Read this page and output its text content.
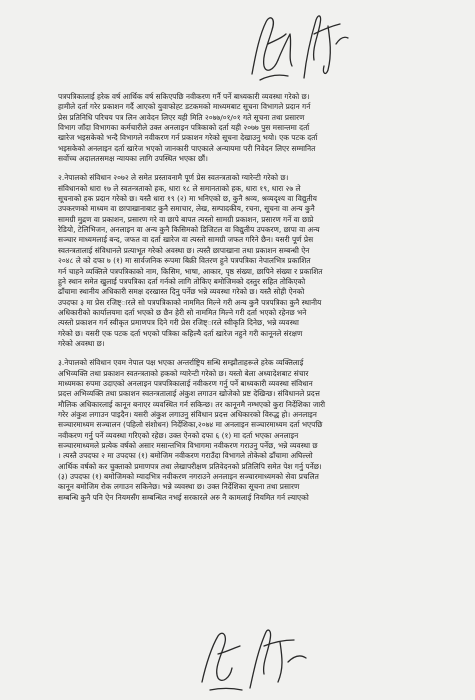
पत्रपत्रिकालाई हरेक वर्ष आर्थिक वर्ष सकिएपछि नवीकरण गर्नै पर्ने बाध्यकारी व्यवस्था गरेको छ।

हामीले दर्ता गरेर प्रकाशन गर्दै आएको युवाफोह्ट डटकमको माध्यमबाट सूचना विभागले प्रदान गर्न

प्रेस प्रतिनिधि परिचय पत्र लिन आवेदन लिएर यही मिति २०७७/०१/०१ गते सूचना तथा प्रसारण

विभाग जाँदा विभागका कर्मचारीले उक्त अनलाइन पत्रिकाको दर्ता यही २०७७ पुस मसान्तमा दर्ता

खारेज भइसकेको भन्दै विभागले नवीकरण गर्न प्रकाशन गरेको सूचना देखाउनु भयो। एक पटक दर्ता

भइसकेको अनलाइन दर्ता खारेज भएको जानकारी पाएकाले अन्यायमा परी निवेदन लिएर सम्मानित

सर्वोच्च अदालतसमक्ष न्यायका लागि उपस्थित भएका छौं।

२.नेपालको संविधान २०७२ ले समेत प्रस्तावनामै पूर्ण प्रेस स्वतन्त्रताको ग्यारेन्टी गरेको छ।

संविधानको धारा १७ ले स्वतन्त्रताको हक, धारा १८ ले समानताको हक, धारा १९, धारा २७ ले

सूचनाको हक प्रदान गरेको छ। यस्तै धारा १९ (२) मा भनिएको छ, कुनै श्रव्य, श्रव्यदृश्य वा विद्युतीय

उपकरणको माध्यम वा छापाखानाबाट कुनै समाचार, लेख, सम्पादकीय, रचना, सूचना वा अन्य कुनै

सामग्री मुद्रण वा प्रकाशन, प्रसारण गरे वा छापे बापत त्यस्तो सामग्री प्रकाशन, प्रसारण गर्ने वा छाप्ने

रेडियो, टेलिभिजन, अनलाइन वा अन्य कुनै किसिमको डिजिटल वा विद्युतीय उपकरण, छापा वा अन्य

सञ्चार माध्यमलाई बन्द, जफत वा दर्ता खारेज वा त्यस्तो सामग्री जफत गरिने छैन। यसरी पूर्ण प्रेस

स्वतन्त्रतालाई संविधानले प्रत्याभूत गरेको अवस्था छ। त्यस्तै छापाखाना तथा प्रकाशन सम्बन्धी ऐन

२०४८ ले को दफा ७ (१) मा सार्वजनिक रूपमा बिक्री वितरण हुने पत्रपत्रिका नेपालभित्र प्रकाशित

गर्न चाहने व्यक्तिले पत्रपत्रिकाको नाम, किसिम, भाषा, आकार, पृष्ठ संख्या, छापिने संख्या र प्रकाशित

हुने स्थान समेत खुलाई पत्रपत्रिका दर्ता गर्नको लागि तोकिए बमोजिमको दस्तुर सहित तोकिएको

ढाँचामा स्थानीय अधिकारी समक्ष दरखास्त दिनु पर्नेछ भन्ने व्यवस्था गरेको छ। यस्तै सोही ऐनको

उपदफा ३ मा प्रेस रजिष्ट्ारले सो पत्रपत्रिकाको नाममित मिल्ने गरी अन्य कुनै पत्रपत्रिका कुनै स्थानीय

अधिकारीको कार्यालयमा दर्ता भएको छ छैन हेरी सो नाममित मिल्ने गरी दर्ता भएको रहेनछ भने

त्यस्तो प्रकाशन गर्न स्वीकृत प्रमाणपत्र दिने गरी प्रेस रजिष्ट्ारले स्वीकृति दिनेछ, भन्ने व्यवस्था

गरेको छ। यसरी एक पटक दर्ता भएको पत्रिका कहिल्यै दर्ता खारेज नहुने गरी कानूनले संरक्षण

गरेको अवस्था छ।

३.नेपालको संविधान एवम नेपाल पक्ष भएका अन्तर्राष्ट्रिय सन्धि सम्झौताहरूले हरेक व्यक्तिलाई

अभिव्यक्ति तथा प्रकाशन स्वतन्त्रताको हकको ग्यारेन्टी गरेको छ। यस्तो बेला अध्यादेशबाट संचार

माध्यमका रुपमा उदाएको अनलाइन पत्रपत्रिकालाई नवीकरण गर्नु पर्ने बाध्यकारी व्यवस्था संविधान

प्रदत्त अभिव्यक्ति तथा प्रकाशन स्वतन्त्रतालाई अंकुश लगाउन खोजेको प्रष्ट देखिन्छ। संविधानले प्रदत्त

मौलिक अधिकारलाई कानून बनाएर व्यवस्थित गर्न सकिन्छ। तर कानूनमै नम्भएको कुरा निर्देशिका जारी

गरेर अंकुश लगाउन पाइदैन। यसरी अंकुश लगाउनु संविधान प्रदत्त अधिकारको विरुद्ध हो। अनलाइन

सञ्चारमाध्यम सञ्चालन (पहिलो संशोधन) निर्देशिका,२०७४ मा अनलाइन सञ्चारमाध्यम दर्ता भएपछि

नवीकरण गर्नु पर्ने व्यवस्था गरिएको रहेछ। उक्त ऐनको दफा ६ (१) मा दर्ता भएका अनलाइन

सञ्चारमाध्यमले प्रत्येक वर्षको असार मसान्तभित्र विभागमा नवीकरण गराउनु पर्नेछ, भन्ने व्यवस्था छ

। त्यस्तै उपदफा २ मा उपदफा (१) बमोजिम नवीकरण गराउँदा विभागले तोकेको ढाँचामा अघिल्लो

आर्थिक वर्षको कर चुक्ताको प्रमाणपत्र तथा लेखापरीक्षण प्रतिवेदनको प्रतिलिपि समेत पेश गर्नु पर्नेछ।

(३) उपदफा (१) बमोजिमको म्यादभित्र नवीकरण नगराउने अनलाइन सञ्चारमाध्यमको सेवा प्रचलित

कानून बमोजिम रोक लगाउन सकिनेछ। भन्ने व्यवस्था छ। उक्त निर्देशिका सूचना तथा प्रसारण

सम्बन्धि कुनै पनि ऐन नियमसँग सम्बन्धित नभई सरकारले अरु नै कामलाई नियमित गर्न ल्याएको
